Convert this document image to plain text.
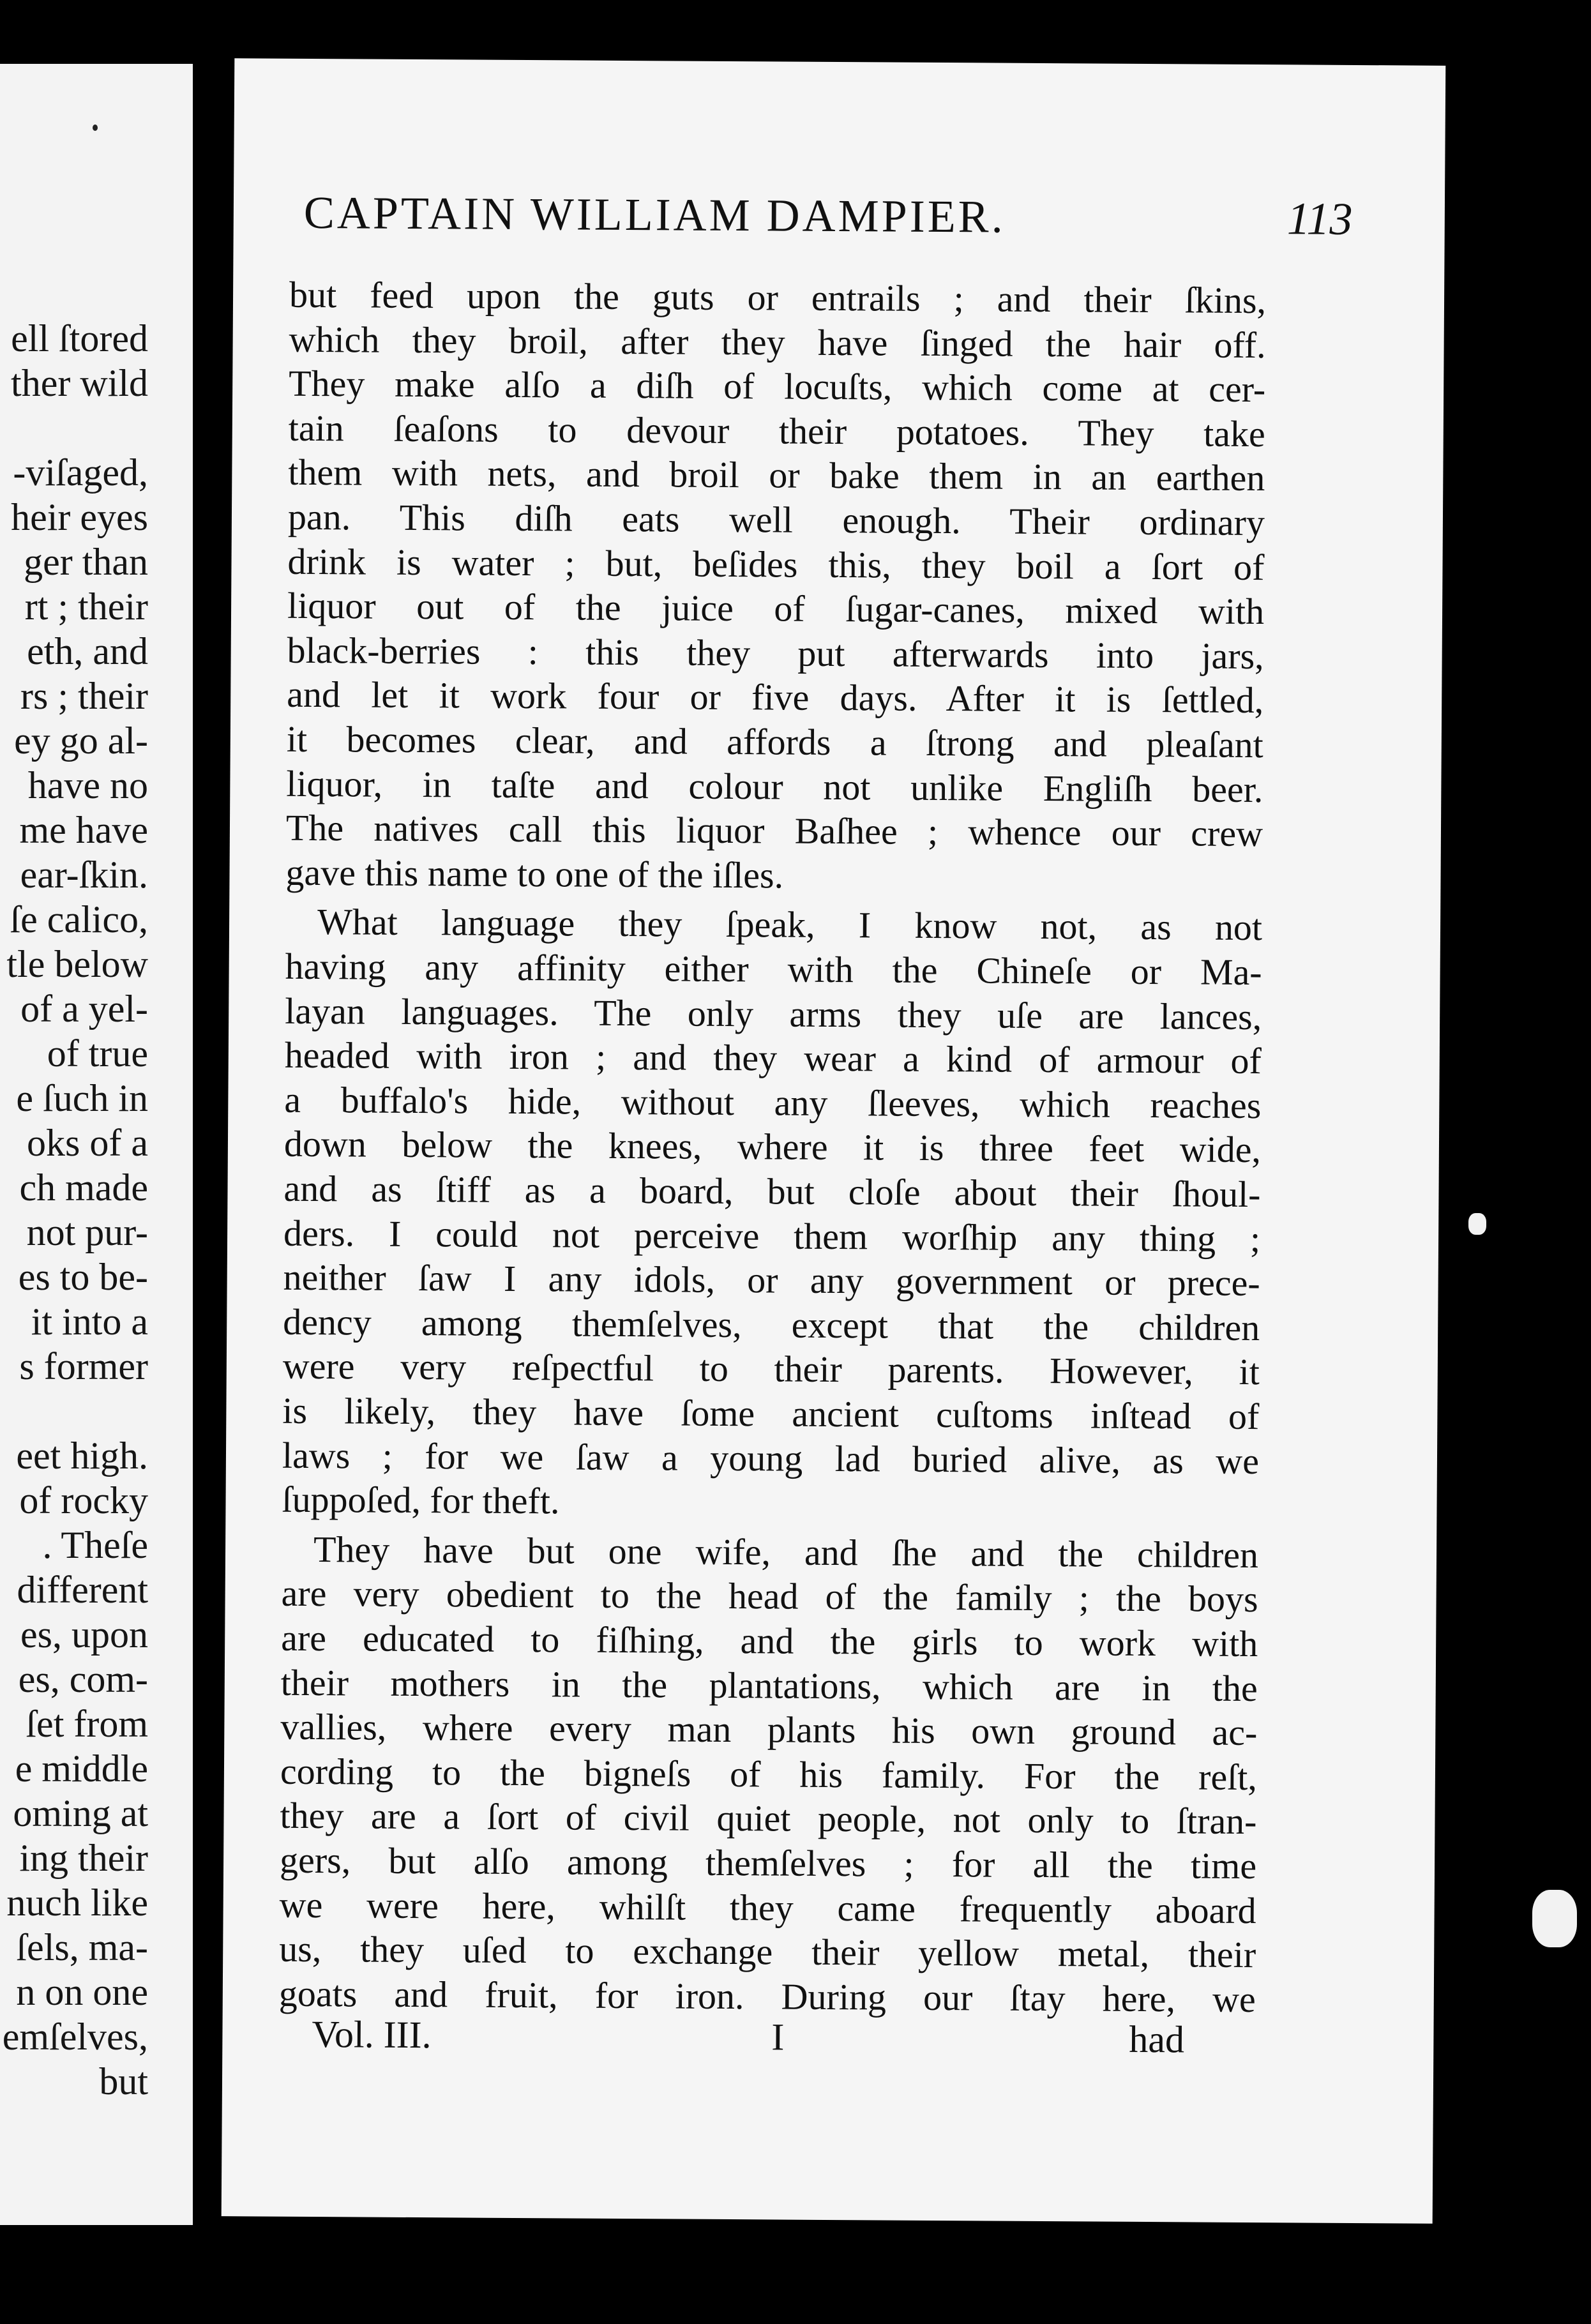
ell ſtored
ther wild
-viſaged,
heir eyes
ger than
rt ; their
eth, and
rs ; their
ey go al-
have no
me have
ear-ſkin.
ſe calico,
tle below
of a yel-
of true
e ſuch in
oks of a
ch made
not pur-
es to be-
it into a
s former
eet high.
of rocky
. Theſe
different
es, upon
es, com-
ſet from
e middle
oming at
ing their
nuch like
ſels, ma-
n on one
emſelves,
but
CAPTAIN WILLIAM DAMPIER.	113
but feed upon the guts or entrails ; and their ſkins,
which they broil, after they have ſinged the hair off.
They make alſo a diſh of locuſts, which come at cer-
tain ſeaſons to devour their potatoes. They take
them with nets, and broil or bake them in an earthen
pan. This diſh eats well enough. Their ordinary
drink is water ; but, beſides this, they boil a ſort of
liquor out of the juice of ſugar-canes, mixed with
black-berries : this they put afterwards into jars,
and let it work four or five days. After it is ſettled,
it becomes clear, and affords a ſtrong and pleaſant
liquor, in taſte and colour not unlike Engliſh beer.
The natives call this liquor Baſhee ; whence our crew
gave this name to one of the iſles.
What language they ſpeak, I know not, as not
having any affinity either with the Chineſe or Ma-
layan languages. The only arms they uſe are lances,
headed with iron ; and they wear a kind of armour of
a buffalo's hide, without any ſleeves, which reaches
down below the knees, where it is three feet wide,
and as ſtiff as a board, but cloſe about their ſhoul-
ders. I could not perceive them worſhip any thing ;
neither ſaw I any idols, or any government or prece-
dency among themſelves, except that the children
were very reſpectful to their parents. However, it
is likely, they have ſome ancient cuſtoms inſtead of
laws ; for we ſaw a young lad buried alive, as we
ſuppoſed, for theft.
They have but one wife, and ſhe and the children
are very obedient to the head of the family ; the boys
are educated to fiſhing, and the girls to work with
their mothers in the plantations, which are in the
vallies, where every man plants his own ground ac-
cording to the bigneſs of his family. For the reſt,
they are a ſort of civil quiet people, not only to ſtran-
gers, but alſo among themſelves ; for all the time
we were here, whilſt they came frequently aboard
us, they uſed to exchange their yellow metal, their
goats and fruit, for iron. During our ſtay here, we
Vol. III.	I	had
